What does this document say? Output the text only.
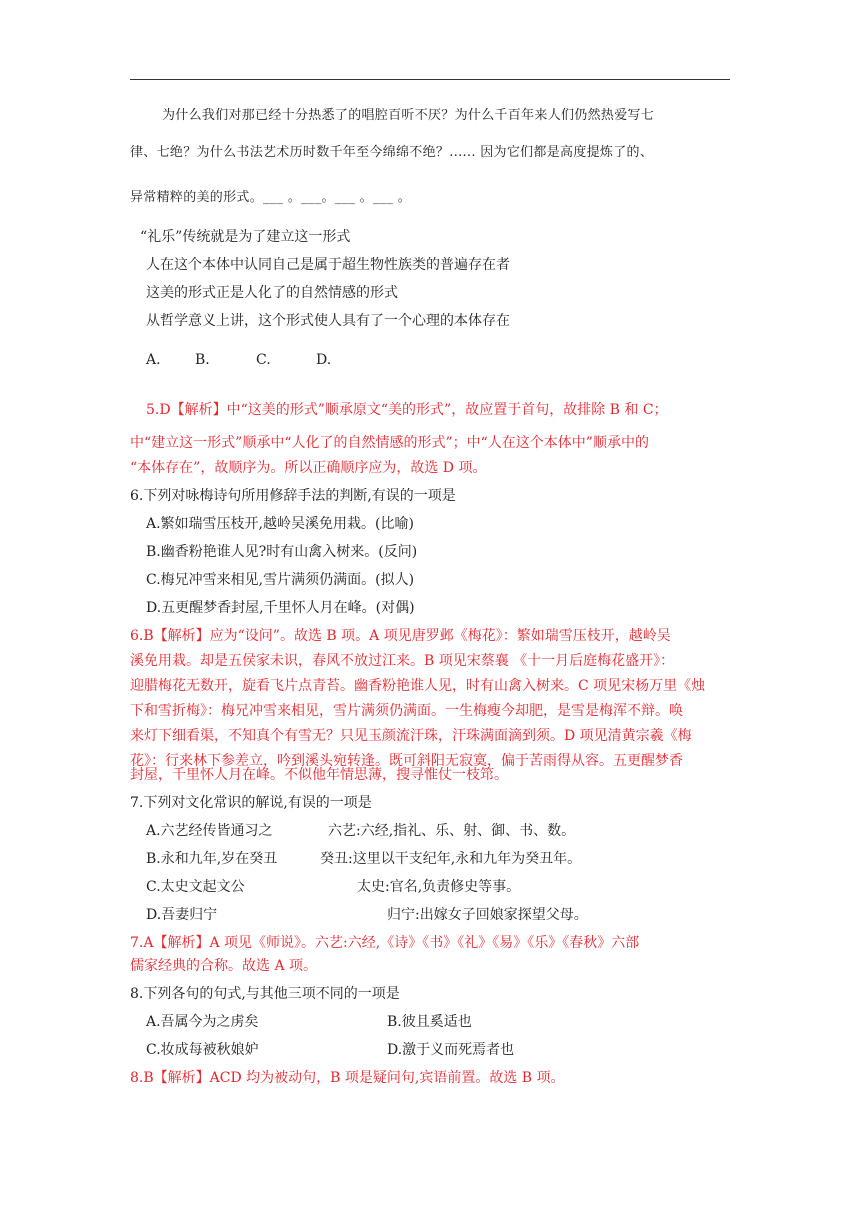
为什么我们对那已经十分热悉了的唱腔百听不厌？为什么千百年来人们仍然热爱写七
律、七绝？为什么书法艺术历时数千年至今绵绵不绝？...... 因为它们都是高度提炼了的、
异常精粹的美的形式。___ 。___。___ 。___ 。
“礼乐”传统就是为了建立这一形式
人在这个本体中认同自己是属于超生物性族类的普遍存在者
这美的形式正是人化了的自然情感的形式
从哲学意义上讲，这个形式使人具有了一个心理的本体存在
A. B.	C.	D.
5.D【解析】中“这美的形式”顺承原文“美的形式”，故应置于首句，故排除 B 和 C；
中“建立这一形式”顺承中“人化了的自然情感的形式”；中“人在这个本体中”顺承中的
“本体存在”，故顺序为。所以正确顺序应为，故选 D 项。
6.下列对咏梅诗句所用修辞手法的判断,有误的一项是
A.繁如瑞雪压枝开,越岭吴溪免用栽。(比喻)
B.幽香粉艳谁人见?时有山禽入树来。(反问)
C.梅兄冲雪来相见,雪片满须仍满面。(拟人)
D.五更醒梦香封屋,千里怀人月在峰。(对偶)
6.B【解析】应为“设问”。故选 B 项。A 项见唐罗邺《梅花》：繁如瑞雪压枝开，越岭吴
溪免用栽。却是五侯家未识，春风不放过江来。B 项见宋蔡襄 《十一月后庭梅花盛开》：
迎腊梅花无数开，旋看飞片点青苔。幽香粉艳谁人见，时有山禽入树来。C 项见宋杨万里《烛
下和雪折梅》：梅兄冲雪来相见，雪片满须仍满面。一生梅瘦今却肥，是雪是梅浑不辩。唤
来灯下细看渠，不知真个有雪无？只见玉颜流汗珠，汗珠满面滴到须。D 项见清黄宗羲《梅
花》：行来林下参差立，吟到溪头宛转逢。既可斜阳无寂寞，偏于苦雨得从容。五更醒梦香
封屋，千里怀人月在峰。不似他年情思薄，搜寻惟仗一枝筇。
7.下列对文化常识的解说,有误的一项是
A.六艺经传皆通习之	六艺:六经,指礼、乐、射、御、书、数。
B.永和九年,岁在癸丑	癸丑:这里以干支纪年,永和九年为癸丑年。
C.太史文起文公	太史:官名,负责修史等事。
D.吾妻归宁	归宁:出嫁女子回娘家探望父母。
7.A【解析】A 项见《师说》。六艺:六经,《诗》《书》《礼》《易》《乐》《春秋》六部
儒家经典的合称。故选 A 项。
8.下列各句的句式,与其他三项不同的一项是
A.吾属今为之虏矣	B.彼且奚适也
C.妆成每被秋娘妒	D.激于义而死焉者也
8.B【解析】ACD 均为被动句，B 项是疑问句,宾语前置。故选 B 项。
